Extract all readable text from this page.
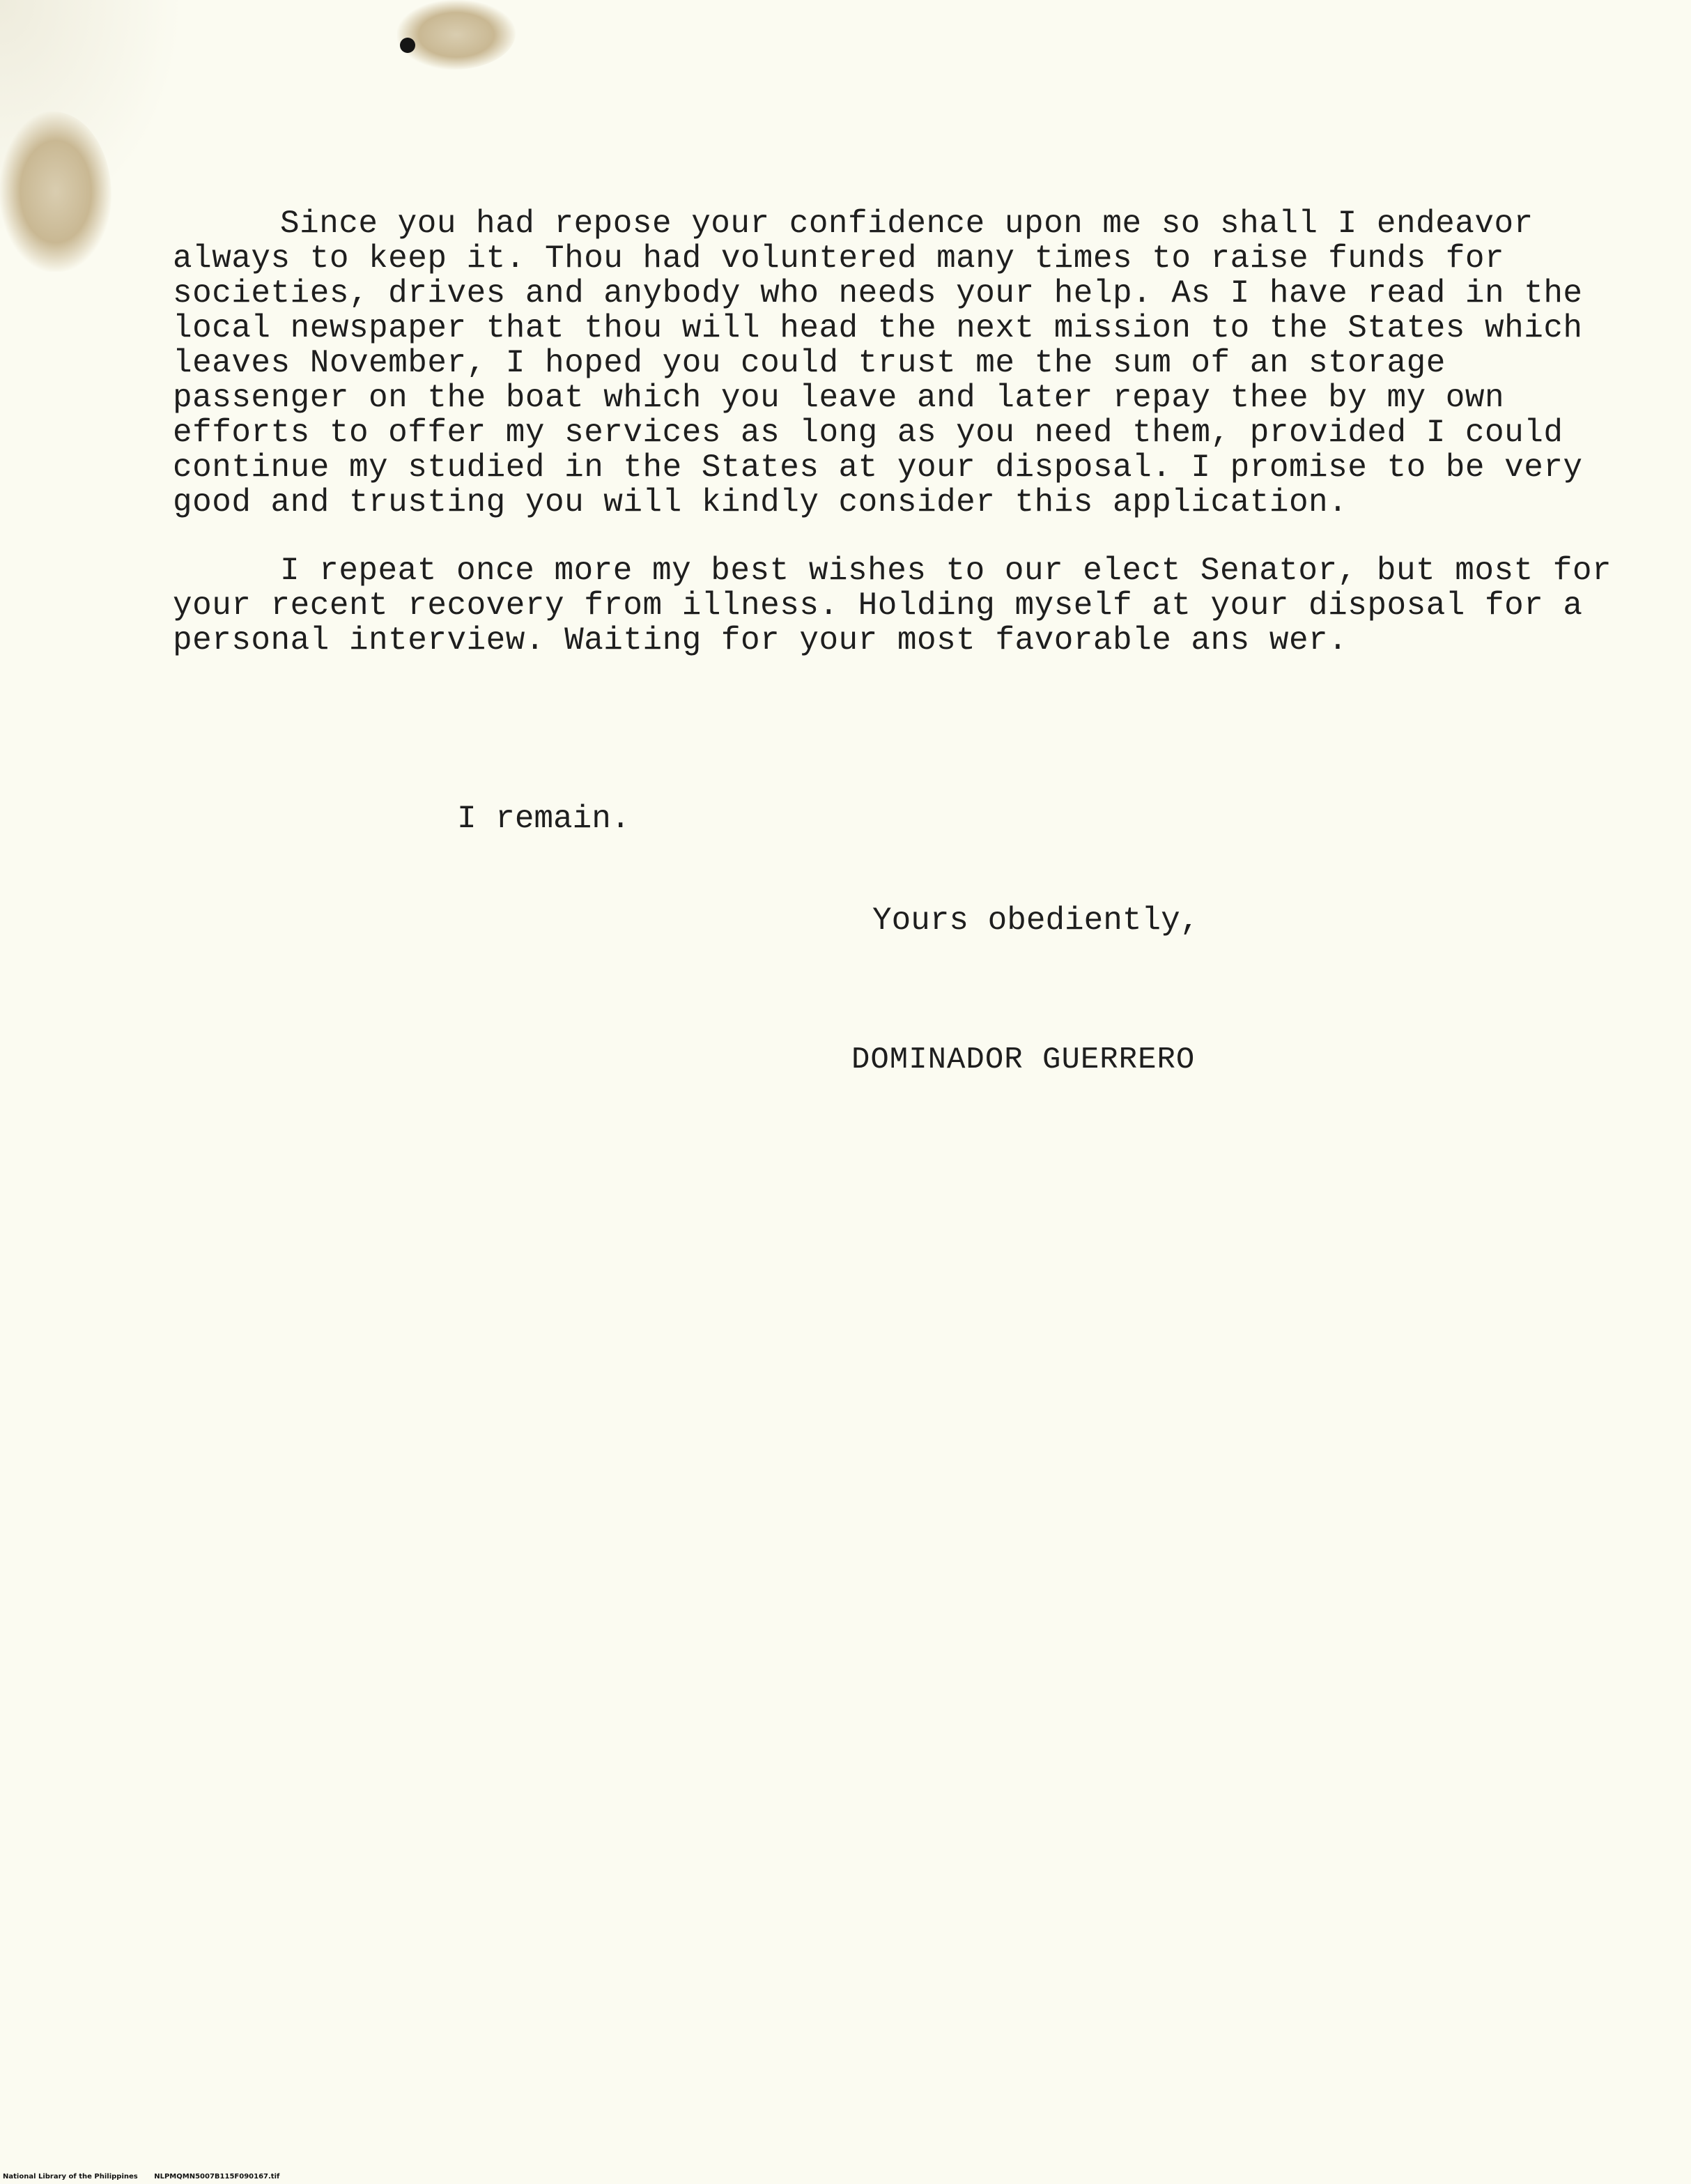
Since you had repose your confidence upon me so shall I endeavor always to keep it. Thou had voluntered many times to raise funds for societies, drives and anybody who needs your help. As I have read in the local newspaper that thou will head the next mission to the States which leaves November, I hoped you could trust me the sum of an storage passenger on the boat which you leave and later repay thee by my own efforts to offer my services as long as you need them, provided I could continue my studied in the States at your disposal. I promise to be very good and trusting you will kindly consider this application.

I repeat once more my best wishes to our elect Senator, but most for your recent recovery from illness. Holding myself at your disposal for a personal interview. Waiting for your most favorable ans wer.

I remain.

Yours obediently,

DOMINADOR GUERRERO

National Library of the Philippines NLPMQMN5007B115F090167.tif
